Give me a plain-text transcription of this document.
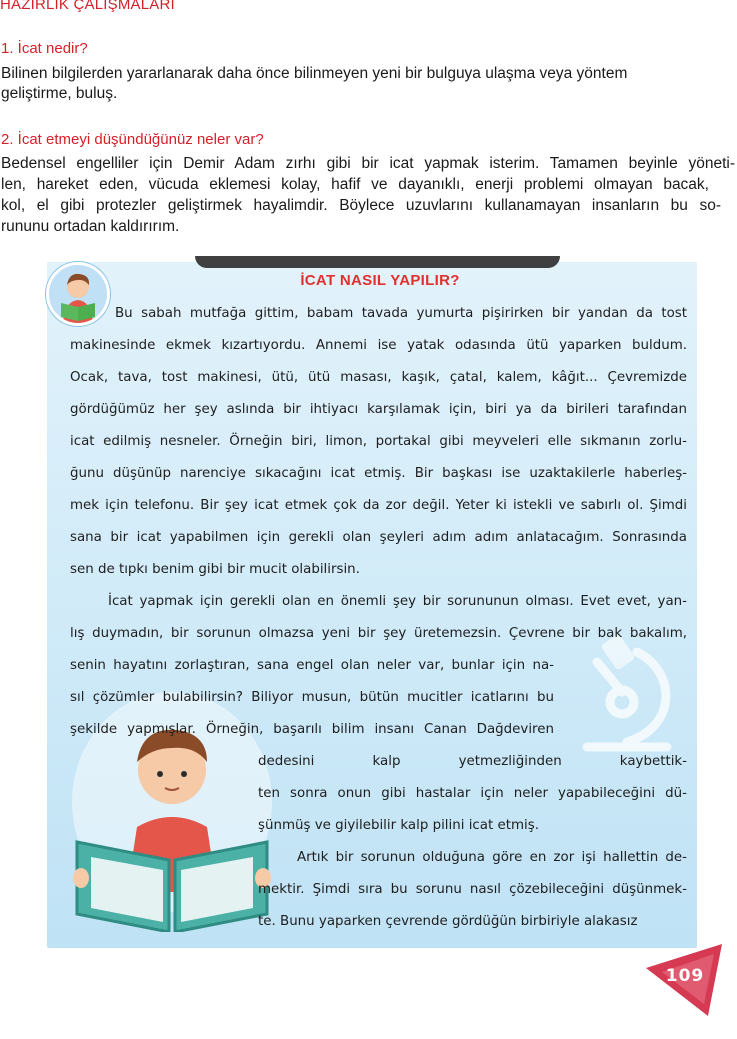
HAZIRLIK ÇALIŞMALARI
1. İcat nedir?
Bilinen bilgilerden yararlanarak daha önce bilinmeyen yeni bir bulguya ulaşma veya yöntem
geliştirme, buluş.
2. İcat etmeyi düşündüğünüz neler var?
Bedensel engelliler için Demir Adam zırhı gibi bir icat yapmak isterim. Tamamen beyinle yöneti-
len, hareket eden, vücuda eklemesi kolay, hafif ve dayanıklı, enerji problemi olmayan bacak,
kol, el gibi protezler geliştirmek hayalimdir. Böylece uzuvlarını kullanamayan insanların bu so-
rununu ortadan kaldırırım.
İCAT NASIL YAPILIR?
Bu sabah mutfağa gittim, babam tavada yumurta pişirirken bir yandan da tost
makinesinde ekmek kızartıyordu. Annemi ise yatak odasında ütü yaparken buldum.
Ocak, tava, tost makinesi, ütü, ütü masası, kaşık, çatal, kalem, kâğıt... Çevremizde
gördüğümüz her şey aslında bir ihtiyacı karşılamak için, biri ya da birileri tarafından
icat edilmiş nesneler. Örneğin biri, limon, portakal gibi meyveleri elle sıkmanın zorlu-
ğunu düşünüp narenciye sıkacağını icat etmiş. Bir başkası ise uzaktakilerle haberleş-
mek için telefonu. Bir şey icat etmek çok da zor değil. Yeter ki istekli ve sabırlı ol. Şimdi
sana bir icat yapabilmen için gerekli olan şeyleri adım adım anlatacağım. Sonrasında
sen de tıpkı benim gibi bir mucit olabilirsin.
İcat yapmak için gerekli olan en önemli şey bir sorununun olması. Evet evet, yan-
lış duymadın, bir sorunun olmazsa yeni bir şey üretemezsin. Çevrene bir bak bakalım,
senin hayatını zorlaştıran, sana engel olan neler var, bunlar için na-
sıl çözümler bulabilirsin? Biliyor musun, bütün mucitler icatlarını bu
şekilde yapmışlar. Örneğin, başarılı bilim insanı Canan Dağdeviren
dedesini kalp yetmezliğinden kaybettik-
ten sonra onun gibi hastalar için neler yapabileceğini dü-
şünmüş ve giyilebilir kalp pilini icat etmiş.
Artık bir sorunun olduğuna göre en zor işi hallettin de-
mektir. Şimdi sıra bu sorunu nasıl çözebileceğini düşünmek-
te. Bunu yaparken çevrende gördüğün birbiriyle alakasız
109
